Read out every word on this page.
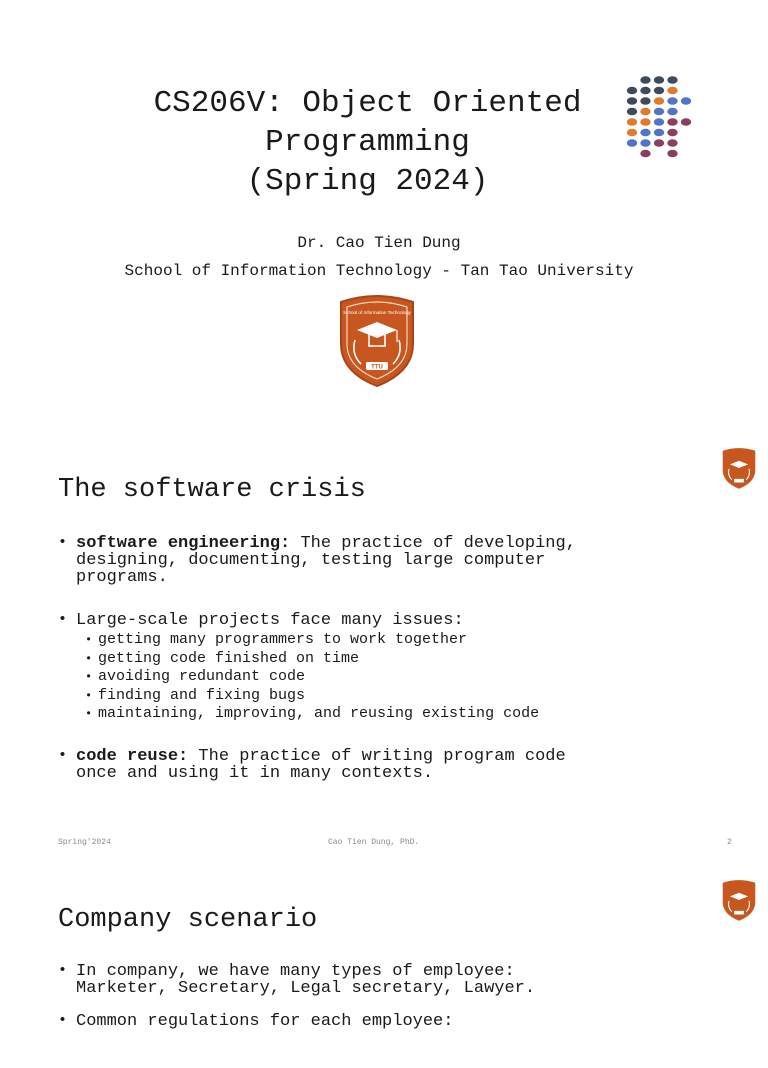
CS206V: Object Oriented
Programming
(Spring 2024)
Dr. Cao Tien Dung
School of Information Technology - Tan Tao University
School of Information Technology
TTU
The software crisis
• software engineering: The practice of developing,
designing, documenting, testing large computer
programs.
• Large-scale projects face many issues:
• getting many programmers to work together
• getting code finished on time
• avoiding redundant code
• finding and fixing bugs
• maintaining, improving, and reusing existing code
• code reuse: The practice of writing program code
once and using it in many contexts.
Spring'2024	Cao Tien Dung, PhD.	2
Company scenario
• In company, we have many types of employee:
Marketer, Secretary, Legal secretary, Lawyer.
• Common regulations for each employee:
